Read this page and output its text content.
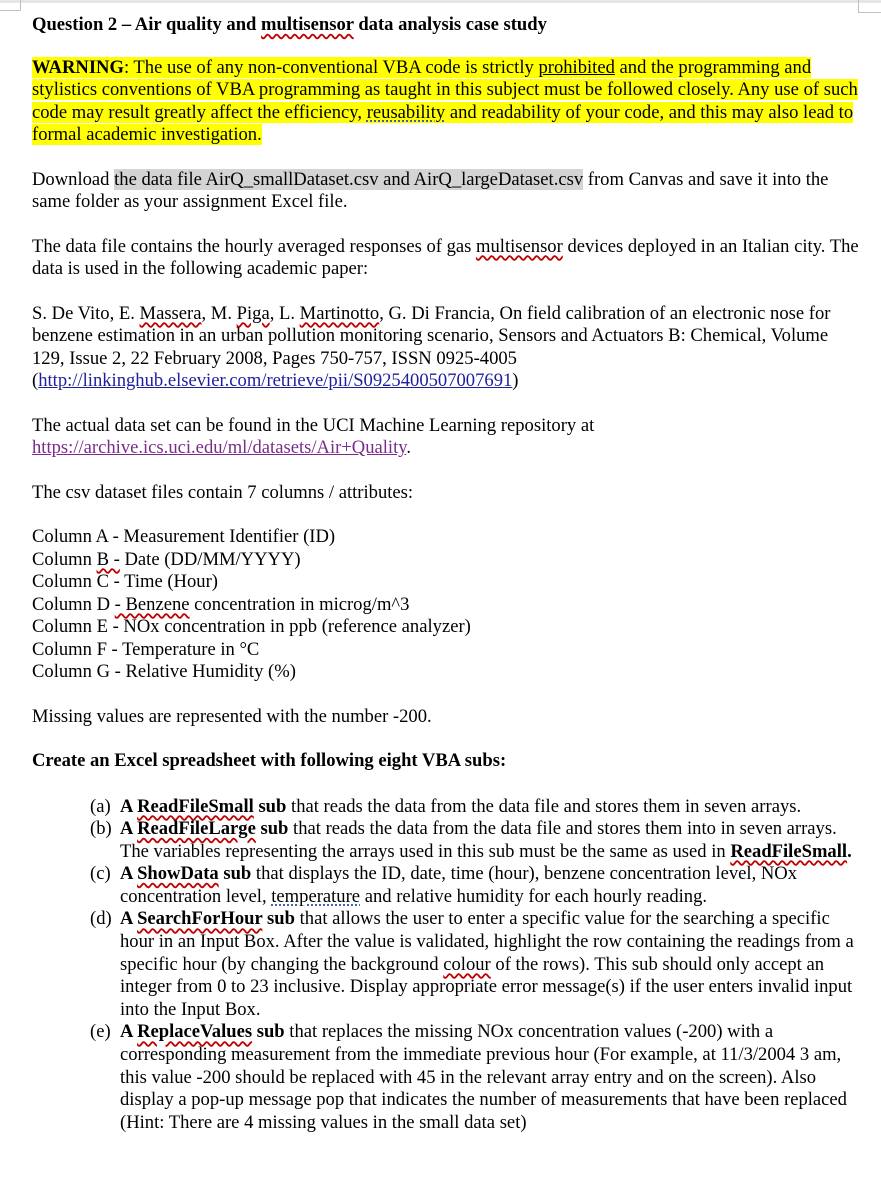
Question 2 – Air quality and multisensor data analysis case study

WARNING: The use of any non-conventional VBA code is strictly prohibited and the programming and stylistics conventions of VBA programming as taught in this subject must be followed closely. Any use of such code may result greatly affect the efficiency, reusability and readability of your code, and this may also lead to formal academic investigation.

Download the data file AirQ_smallDataset.csv and AirQ_largeDataset.csv from Canvas and save it into the same folder as your assignment Excel file.

The data file contains the hourly averaged responses of gas multisensor devices deployed in an Italian city. The data is used in the following academic paper:

S. De Vito, E. Massera, M. Piga, L. Martinotto, G. Di Francia, On field calibration of an electronic nose for benzene estimation in an urban pollution monitoring scenario, Sensors and Actuators B: Chemical, Volume 129, Issue 2, 22 February 2008, Pages 750-757, ISSN 0925-4005 (http://linkinghub.elsevier.com/retrieve/pii/S0925400507007691)

The actual data set can be found in the UCI Machine Learning repository at https://archive.ics.uci.edu/ml/datasets/Air+Quality.

The csv dataset files contain 7 columns / attributes:

Column A - Measurement Identifier (ID)

Column B - Date (DD/MM/YYYY)

Column C - Time (Hour)

Column D - Benzene concentration in microg/m^3

Column E - NOx concentration in ppb (reference analyzer)

Column F - Temperature in °C

Column G - Relative Humidity (%)

Missing values are represented with the number -200.

Create an Excel spreadsheet with following eight VBA subs:

(a) A ReadFileSmall sub that reads the data from the data file and stores them in seven arrays.
(b) A ReadFileLarge sub that reads the data from the data file and stores them into in seven arrays. The variables representing the arrays used in this sub must be the same as used in ReadFileSmall.
(c) A ShowData sub that displays the ID, date, time (hour), benzene concentration level, NOx concentration level, temperature and relative humidity for each hourly reading.
(d) A SearchForHour sub that allows the user to enter a specific value for the searching a specific hour in an Input Box. After the value is validated, highlight the row containing the readings from a specific hour (by changing the background colour of the rows). This sub should only accept an integer from 0 to 23 inclusive. Display appropriate error message(s) if the user enters invalid input into the Input Box.
(e) A ReplaceValues sub that replaces the missing NOx concentration values (-200) with a corresponding measurement from the immediate previous hour (For example, at 11/3/2004 3 am, this value -200 should be replaced with 45 in the relevant array entry and on the screen). Also display a pop-up message pop that indicates the number of measurements that have been replaced (Hint: There are 4 missing values in the small data set)
